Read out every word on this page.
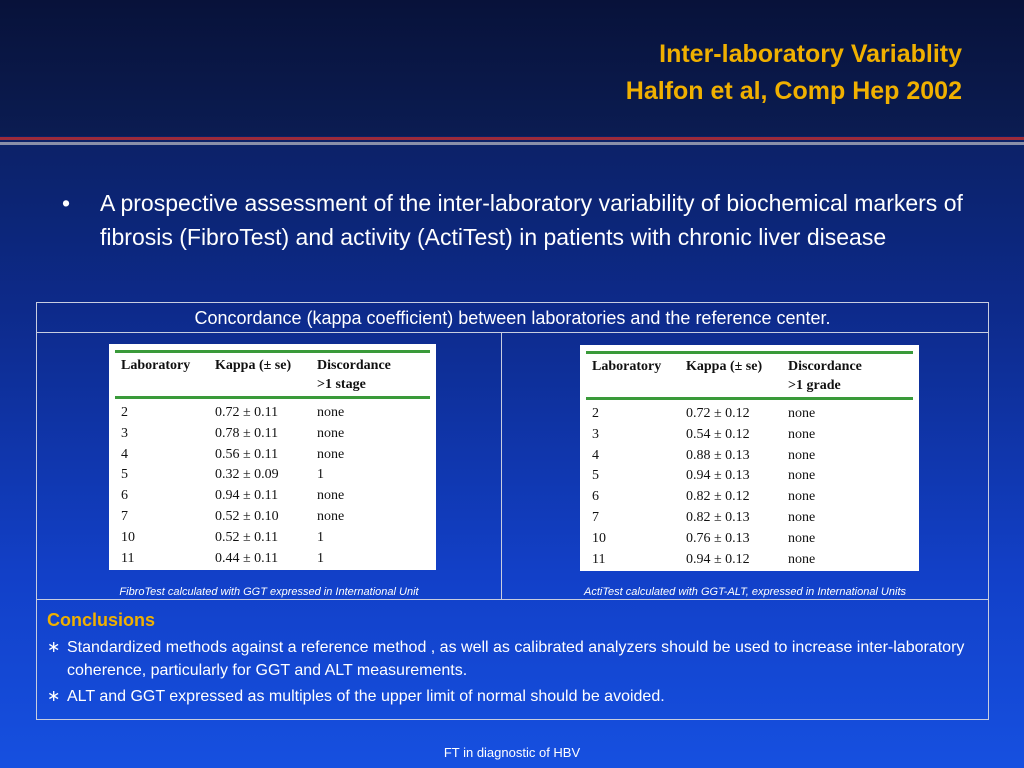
Inter-laboratory Variablity
Halfon et al, Comp Hep 2002
• A prospective assessment of the inter-laboratory variability of biochemical markers of fibrosis (FibroTest) and activity (ActiTest) in patients with chronic liver disease
Concordance (kappa coefficient) between laboratories and the reference center.
Laboratory	Kappa (± se)	Discordance
>1 stage
2	0.72 ± 0.11	none
3	0.78 ± 0.11	none
4	0.56 ± 0.11	none
5	0.32 ± 0.09	1
6	0.94 ± 0.11	none
7	0.52 ± 0.10	none
10	0.52 ± 0.11	1
11	0.44 ± 0.11	1
FibroTest calculated with GGT expressed in International Unit
Laboratory	Kappa (± se)	Discordance
>1 grade
2	0.72 ± 0.12	none
3	0.54 ± 0.12	none
4	0.88 ± 0.13	none
5	0.94 ± 0.13	none
6	0.82 ± 0.12	none
7	0.82 ± 0.13	none
10	0.76 ± 0.13	none
11	0.94 ± 0.12	none
ActiTest calculated with GGT-ALT, expressed in International Units
Conclusions
∗ Standardized methods against a reference method , as well as calibrated analyzers should be used to increase inter-laboratory coherence, particularly for GGT and ALT measurements.
∗ ALT and GGT expressed as multiples of the upper limit of normal should be avoided.
FT in diagnostic of HBV
